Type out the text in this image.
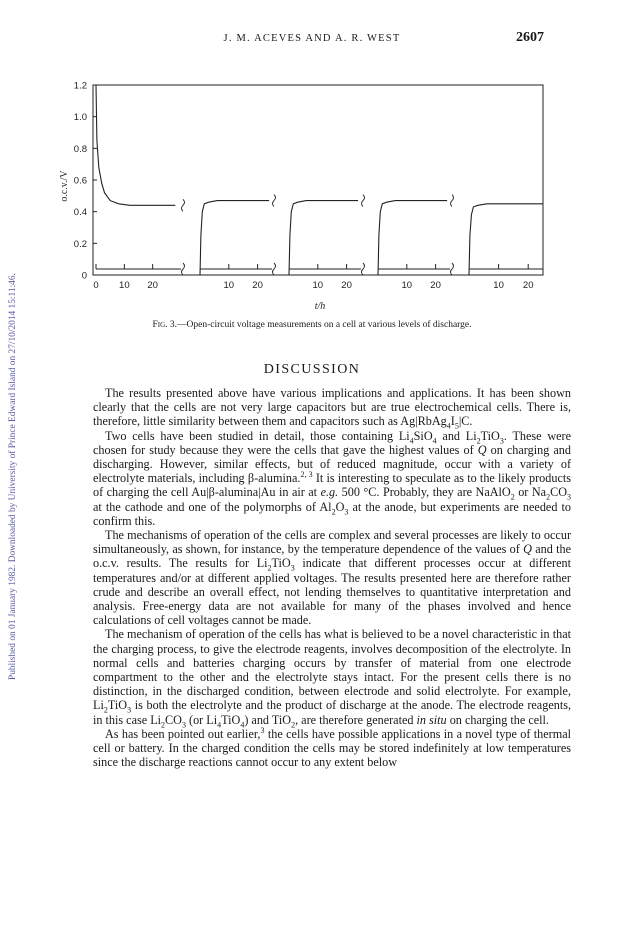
Published on 01 January 1982. Downloaded by University of Prince Edward Island on 27/10/2014 15:11:46.
J. M. ACEVES AND A. R. WEST	2607
0
0.2
0.4
0.6
0.8
1.0
1.2
o.c.v./V
0 10 20	10 20	10 20	10 20	10 20
t/h
Fig. 3.—Open-circuit voltage measurements on a cell at various levels of discharge.
DISCUSSION

The results presented above have various implications and applications. It has been shown clearly that the cells are not very large capacitors but are true electrochemical cells. There is, therefore, little similarity between them and capacitors such as $Ag|RbAg_4I_5|C$.

Two cells have been studied in detail, those containing $Li_4SiO_4$ and $Li_2TiO_3$. These were chosen for study because they were the cells that gave the highest values of Q on charging and discharging. However, similar effects, but of reduced magnitude, occur with a variety of electrolyte materials, including β-alumina.$^{2, 3}$ It is interesting to speculate as to the likely products of charging the cell Au|β-alumina|Au in air at e.g. 500 °C. Probably, they are NaAlO$_2$ or $Na_2CO_3$ at the cathode and one of the polymorphs of $Al_2O_3$ at the anode, but experiments are needed to confirm this.

The mechanisms of operation of the cells are complex and several processes are likely to occur simultaneously, as shown, for instance, by the temperature dependence of the values of Q and the o.c.v. results. The results for $Li_2TiO_3$ indicate that different processes occur at different temperatures and/or at different applied voltages. The results presented here are therefore rather crude and describe an overall effect, not lending themselves to quantitative interpretation and analysis. Free-energy data are not available for many of the phases involved and hence calculations of cell voltages cannot be made.

The mechanism of operation of the cells has what is believed to be a novel characteristic in that the charging process, to give the electrode reagents, involves decomposition of the electrolyte. In normal cells and batteries charging occurs by transfer of material from one electrode compartment to the other and the electrolyte stays intact. For the present cells there is no distinction, in the discharged condition, between electrode and solid electrolyte. For example, $Li_2TiO_3$ is both the electrolyte and the product of discharge at the anode. The electrode reagents, in this case $Li_2CO_3$ (or $Li_4TiO_4$) and TiO$_2$, are therefore generated in situ on charging the cell.

As has been pointed out earlier,$^3$ the cells have possible applications in a novel type of thermal cell or battery. In the charged condition the cells may be stored indefinitely at low temperatures since the discharge reactions cannot occur to any extent below
